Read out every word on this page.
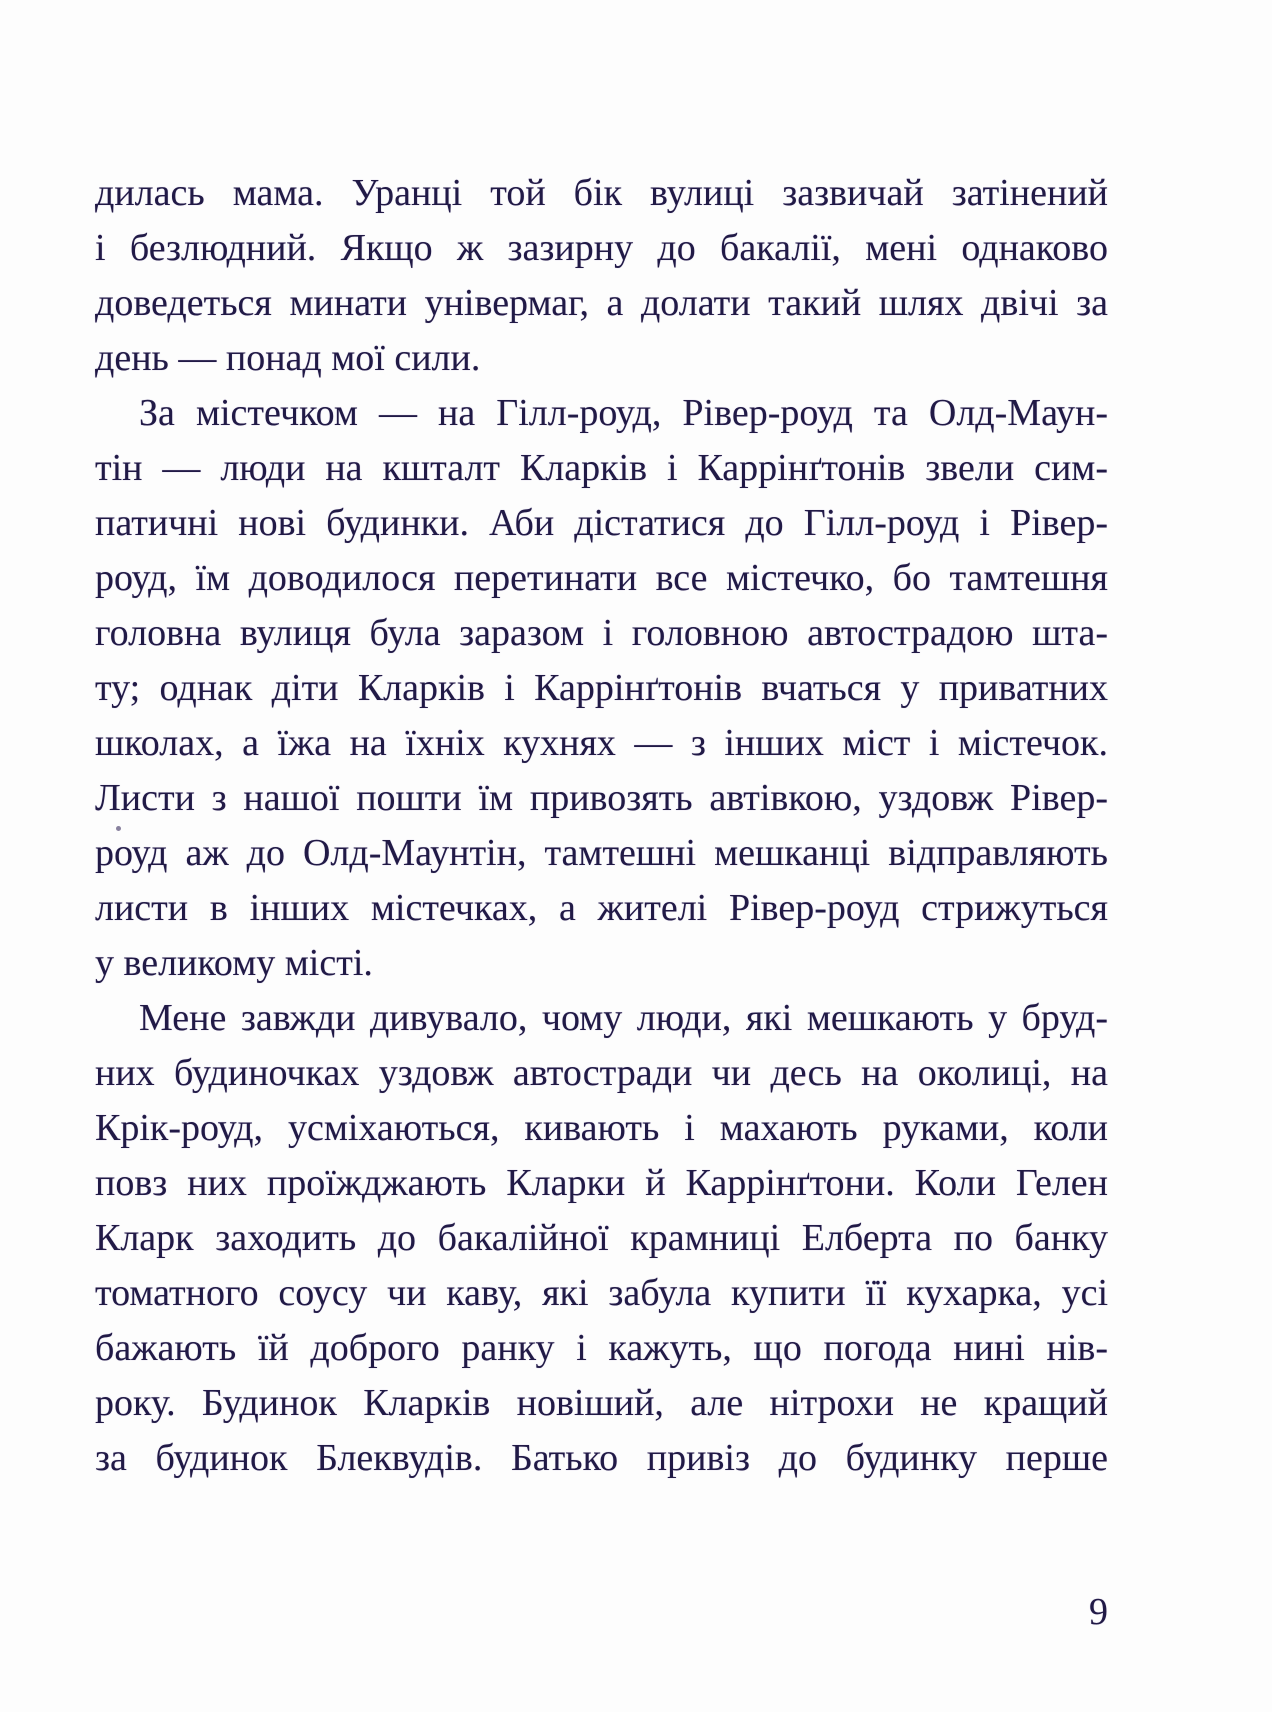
дилась мама. Уранці той бік вулиці зазвичай затінений
і безлюдний. Якщо ж зазирну до бакалії, мені однаково
доведеться минати універмаг, а долати такий шлях двічі за
день — понад мої сили.
За містечком — на Гілл-роуд, Рівер-роуд та Олд-Маун-
тін — люди на кшталт Кларків і Каррінґтонів звели сим-
патичні нові будинки. Аби дістатися до Гілл-роуд і Рівер-
роуд, їм доводилося перетинати все містечко, бо тамтешня
головна вулиця була заразом і головною автострадою шта-
ту; однак діти Кларків і Каррінґтонів вчаться у приватних
школах, а їжа на їхніх кухнях — з інших міст і містечок.
Листи з нашої пошти їм привозять автівкою, уздовж Рівер-
роуд аж до Олд-Маунтін, тамтешні мешканці відправляють
листи в інших містечках, а жителі Рівер-роуд стрижуться
у великому місті.
Мене завжди дивувало, чому люди, які мешкають у бруд-
них будиночках уздовж автостради чи десь на околиці, на
Крік-роуд, усміхаються, кивають і махають руками, коли
повз них проїжджають Кларки й Каррінґтони. Коли Гелен
Кларк заходить до бакалійної крамниці Елберта по банку
томатного соусу чи каву, які забула купити її кухарка, усі
бажають їй доброго ранку і кажуть, що погода нині нів-
року. Будинок Кларків новіший, але нітрохи не кращий
за будинок Блеквудів. Батько привіз до будинку перше
9
